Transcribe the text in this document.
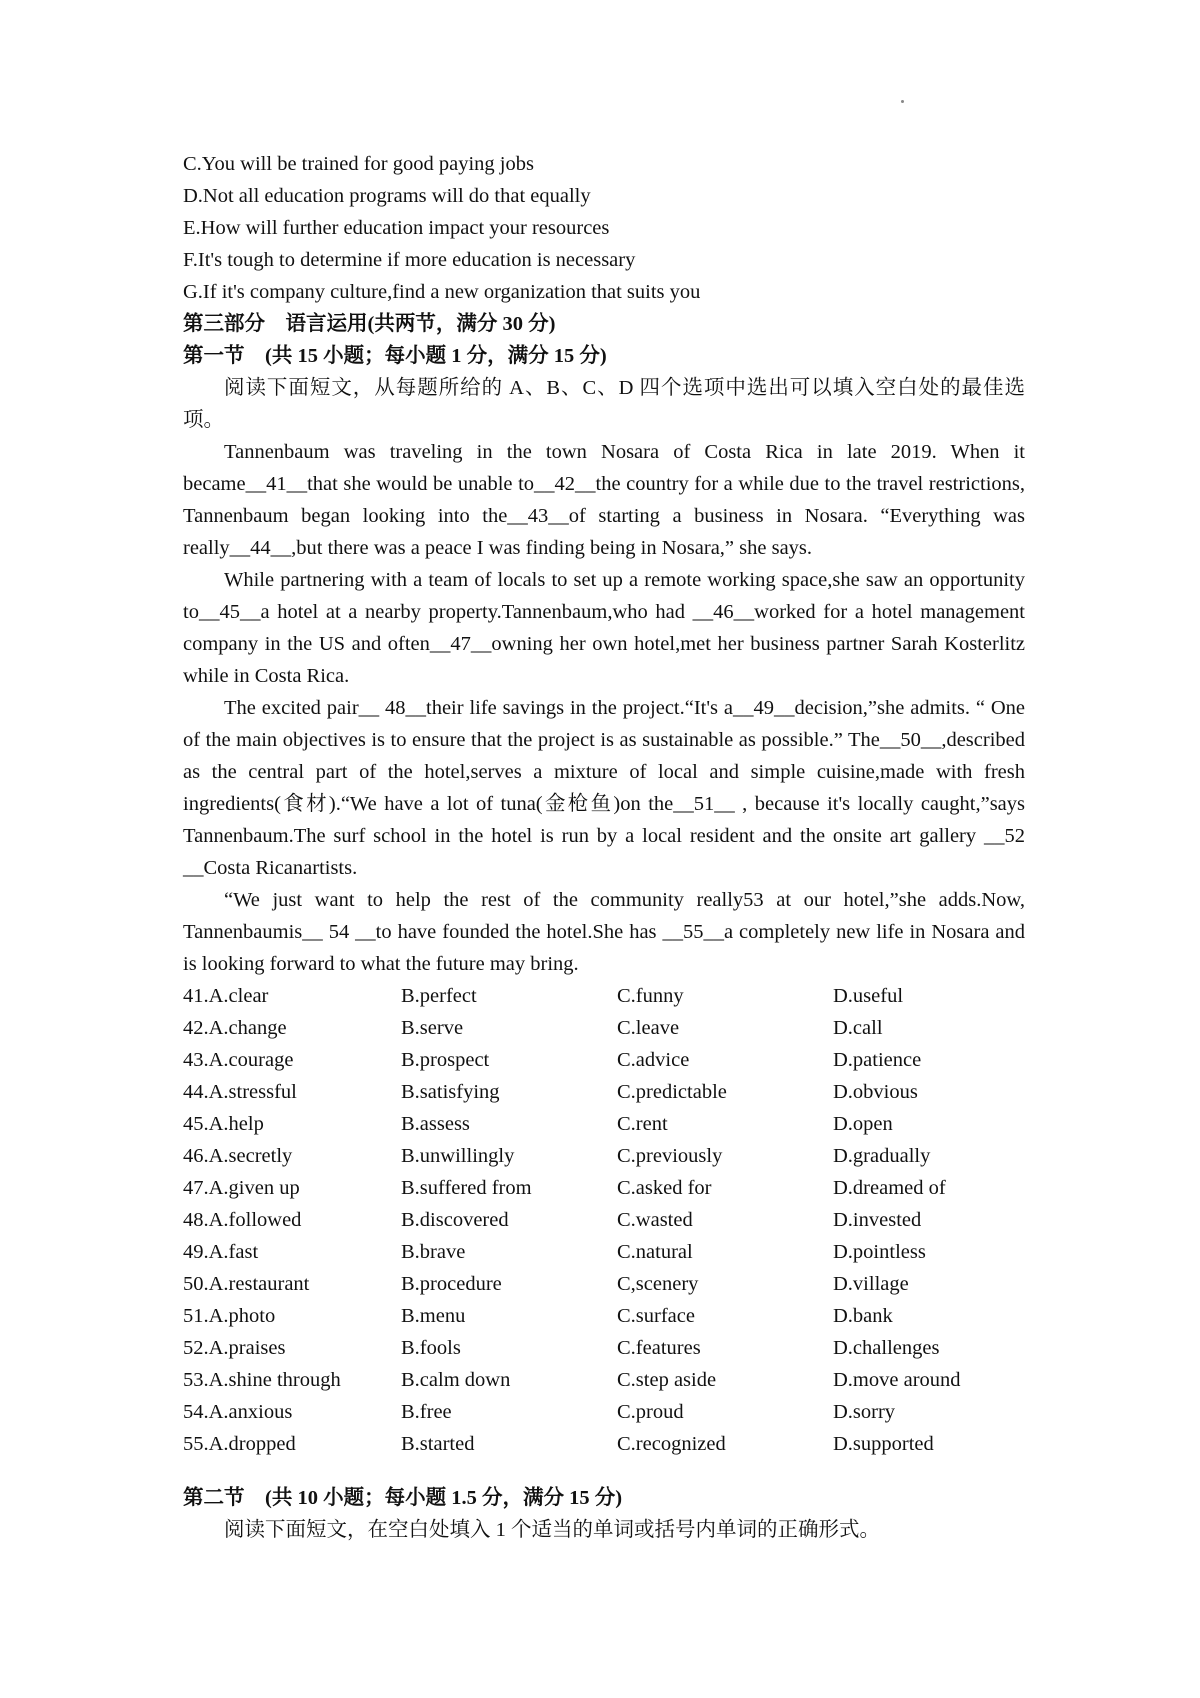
C.You will be trained for good paying jobs
D.Not all education programs will do that equally
E.How will further education impact your resources
F.It's tough to determine if more education is necessary
G.If it's company culture,find a new organization that suits you
第三部分　语言运用(共两节，满分 30 分)
第一节　(共 15 小题；每小题 1 分，满分 15 分)

阅读下面短文，从每题所给的 A、B、C、D 四个选项中选出可以填入空白处的最佳选项。

Tannenbaum was traveling in the town Nosara of Costa Rica in late 2019. When it became__41__that she would be unable to__42__the country for a while due to the travel restrictions, Tannenbaum began looking into the__43__of starting a business in Nosara. “Everything was really__44__,but there was a peace I was finding being in Nosara,” she says.

While partnering with a team of locals to set up a remote working space,she saw an opportunity to__45__a hotel at a nearby property.Tannenbaum,who had __46__worked for a hotel management company in the US and often__47__owning her own hotel,met her business partner Sarah Kosterlitz while in Costa Rica.

The excited pair__ 48__their life savings in the project.“It's a__49__decision,”she admits. “ One of the main objectives is to ensure that the project is as sustainable as possible.” The__50__,described as the central part of the hotel,serves a mixture of local and simple cuisine,made with fresh ingredients(食材).“We have a lot of tuna(金枪鱼)on the__51__ , because it's locally caught,”says Tannenbaum.The surf school in the hotel is run by a local resident and the onsite art gallery __52 __Costa Ricanartists.

“We just want to help the rest of the community really53 at our hotel,”she adds.Now, Tannenbaumis__ 54 __to have founded the hotel.She has __55__a completely new life in Nosara and is looking forward to what the future may bring.

41.A.clear	B.perfect	C.funny	D.useful
42.A.change	B.serve	C.leave	D.call
43.A.courage	B.prospect	C.advice	D.patience
44.A.stressful	B.satisfying	C.predictable	D.obvious
45.A.help	B.assess	C.rent	D.open
46.A.secretly	B.unwillingly	C.previously	D.gradually
47.A.given up	B.suffered from	C.asked for	D.dreamed of
48.A.followed	B.discovered	C.wasted	D.invested
49.A.fast	B.brave	C.natural	D.pointless
50.A.restaurant	B.procedure	C,scenery	D.village
51.A.photo	B.menu	C.surface	D.bank
52.A.praises	B.fools	C.features	D.challenges
53.A.shine through	B.calm down	C.step aside	D.move around
54.A.anxious	B.free	C.proud	D.sorry
55.A.dropped	B.started	C.recognized	D.supported
第二节　(共 10 小题；每小题 1.5 分，满分 15 分)
阅读下面短文，在空白处填入 1 个适当的单词或括号内单词的正确形式。
